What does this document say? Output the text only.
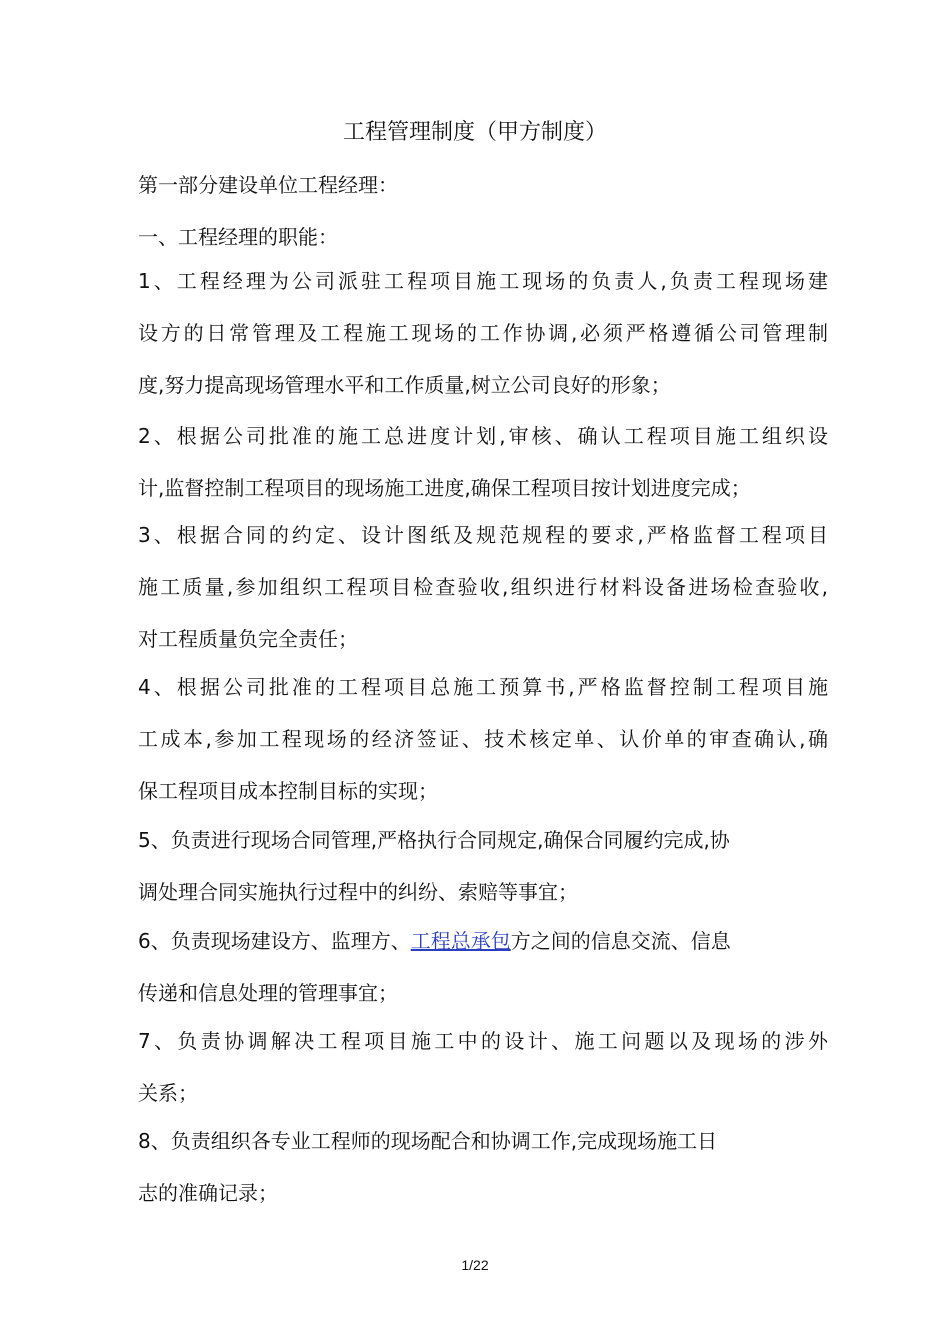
工程管理制度（甲方制度）
第一部分建设单位工程经理：
一、工程经理的职能：
1、工程经理为公司派驻工程项目施工现场的负责人,负责工程现场建
设方的日常管理及工程施工现场的工作协调,必须严格遵循公司管理制
度,努力提高现场管理水平和工作质量,树立公司良好的形象；
2、根据公司批准的施工总进度计划,审核、确认工程项目施工组织设
计,监督控制工程项目的现场施工进度,确保工程项目按计划进度完成；
3、根据合同的约定、设计图纸及规范规程的要求,严格监督工程项目
施工质量,参加组织工程项目检查验收,组织进行材料设备进场检查验收,
对工程质量负完全责任；
4、根据公司批准的工程项目总施工预算书,严格监督控制工程项目施
工成本,参加工程现场的经济签证、技术核定单、认价单的审查确认,确
保工程项目成本控制目标的实现；
5、负责进行现场合同管理,严格执行合同规定,确保合同履约完成,协
调处理合同实施执行过程中的纠纷、索赔等事宜；
6、负责现场建设方、监理方、工程总承包方之间的信息交流、信息
传递和信息处理的管理事宜；
7、负责协调解决工程项目施工中的设计、施工问题以及现场的涉外
关系；
8、负责组织各专业工程师的现场配合和协调工作,完成现场施工日
志的准确记录；
1/22
